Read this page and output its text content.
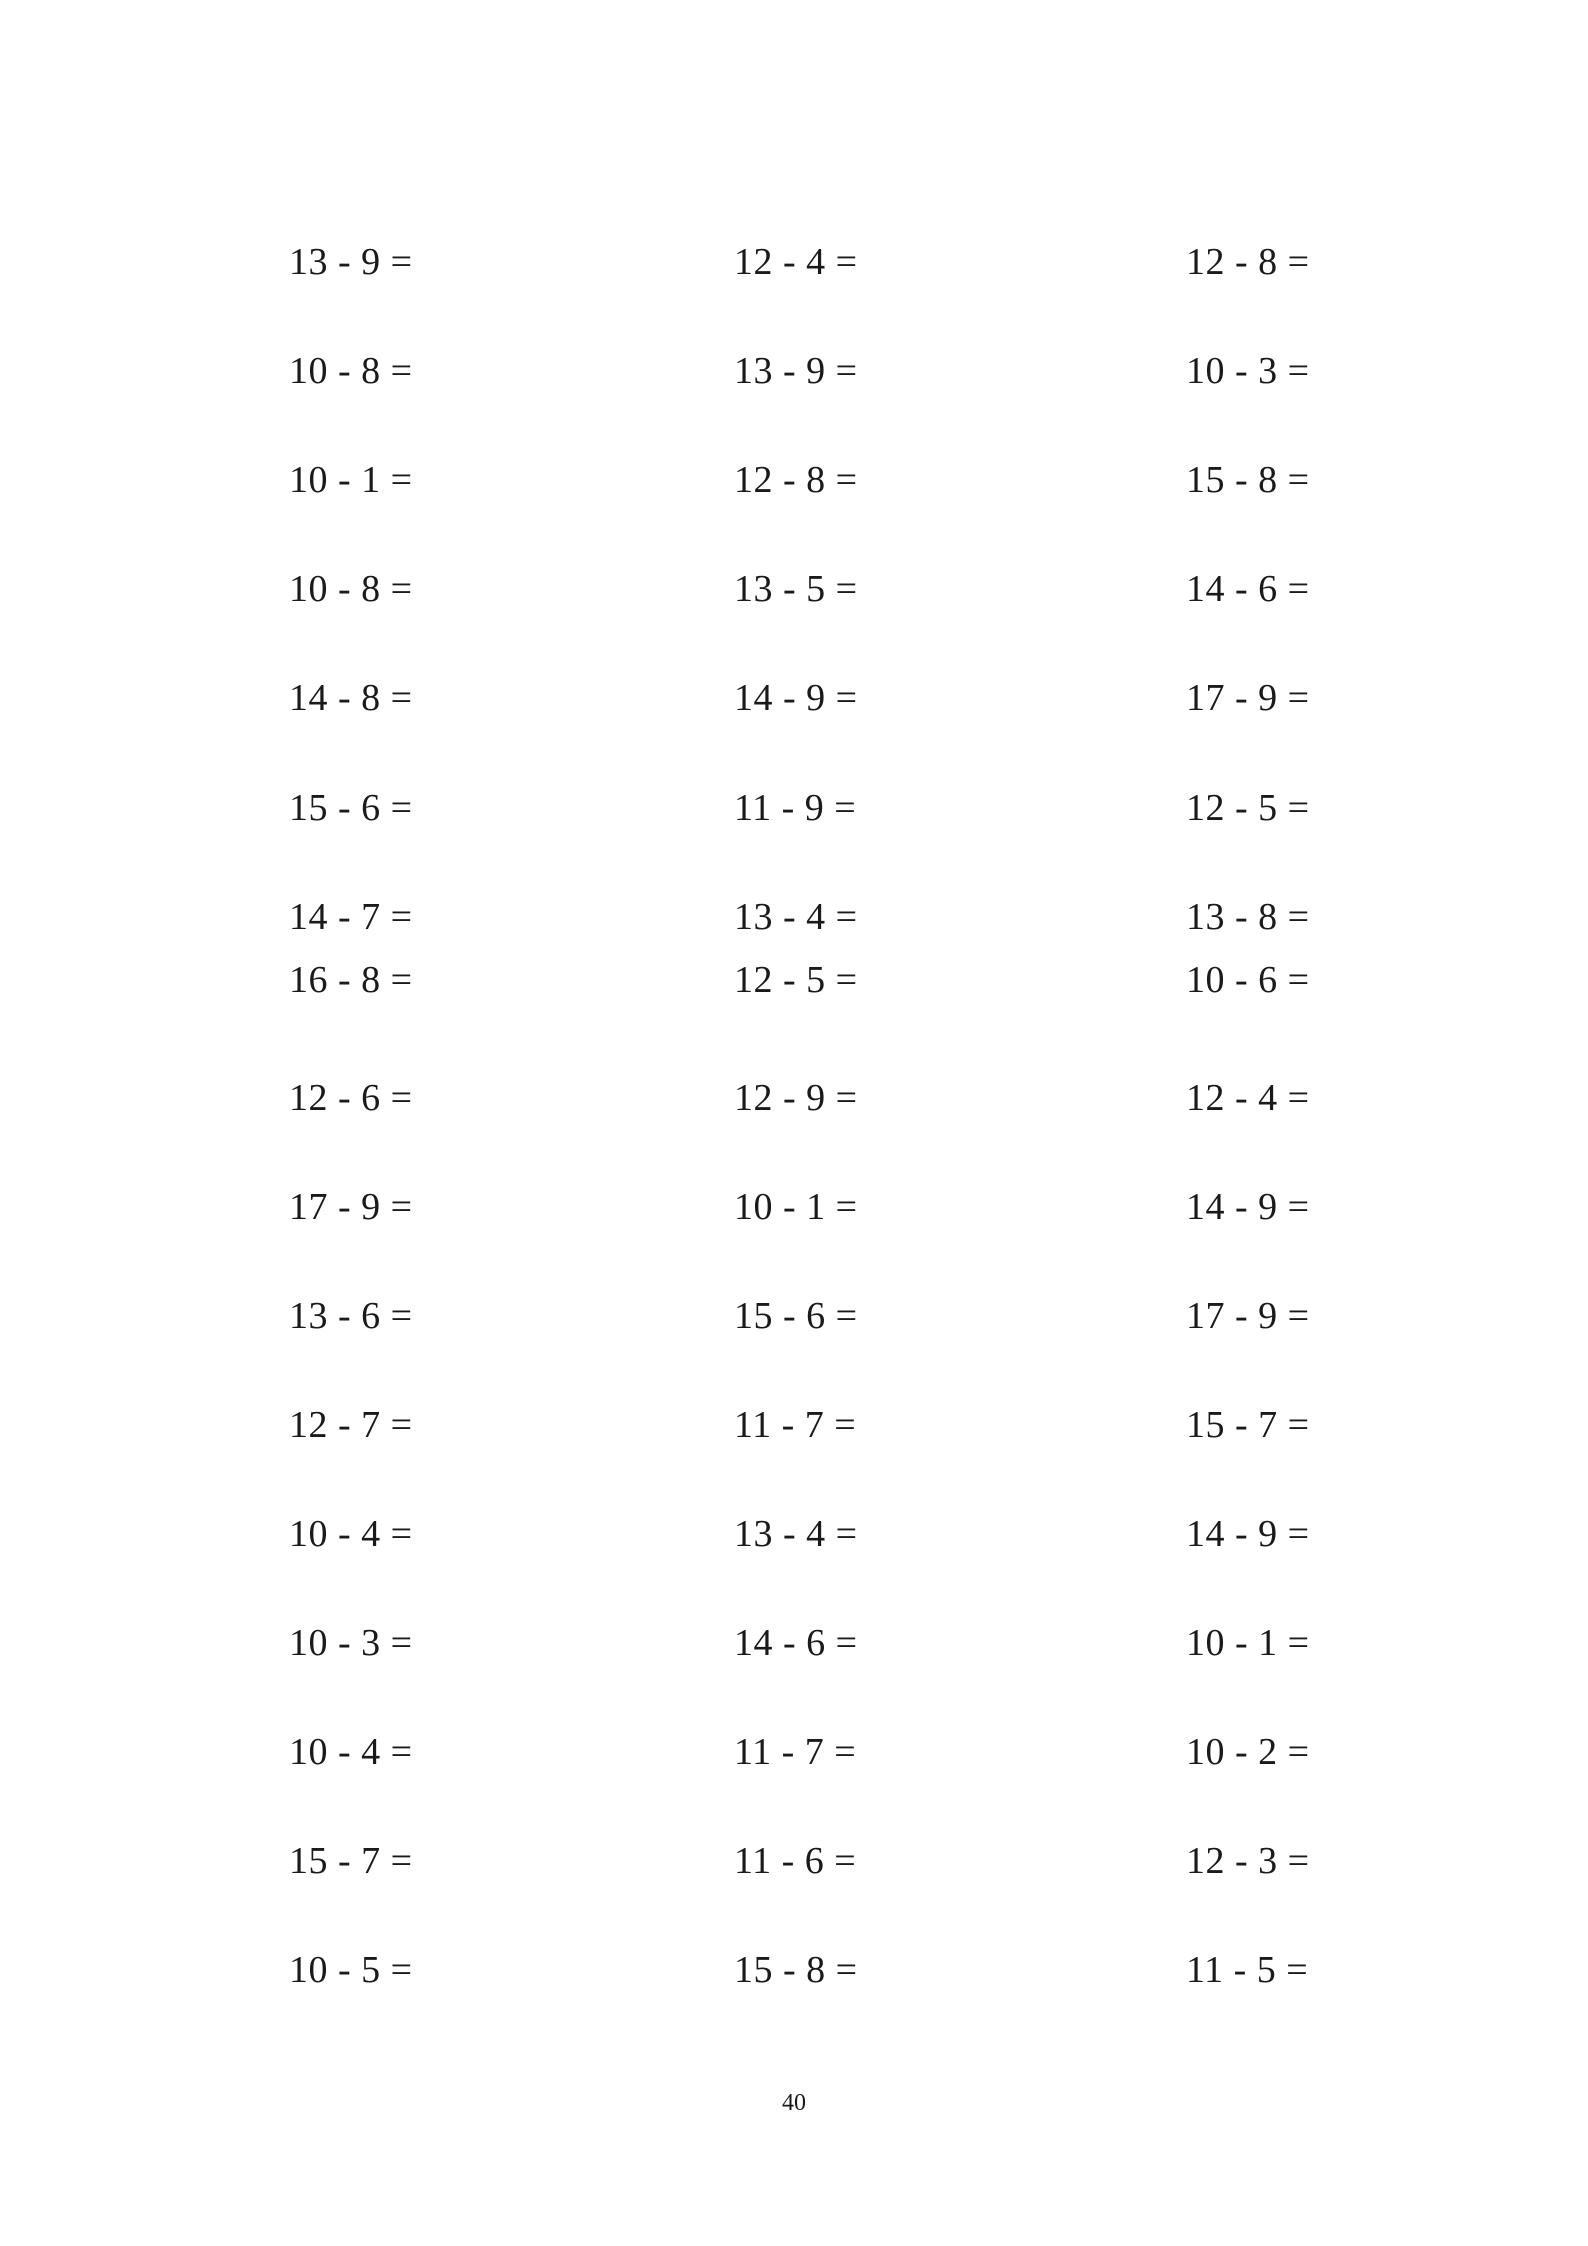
13 - 9 =	12 - 4 =	12 - 8 =
10 - 8 =	13 - 9 =	10 - 3 =
10 - 1 =	12 - 8 =	15 - 8 =
10 - 8 =	13 - 5 =	14 - 6 =
14 - 8 =	14 - 9 =	17 - 9 =
15 - 6 =	11 - 9 =	12 - 5 =
14 - 7 =	13 - 4 =	13 - 8 =
16 - 8 =	12 - 5 =	10 - 6 =
12 - 6 =	12 - 9 =	12 - 4 =
17 - 9 =	10 - 1 =	14 - 9 =
13 - 6 =	15 - 6 =	17 - 9 =
12 - 7 =	11 - 7 =	15 - 7 =
10 - 4 =	13 - 4 =	14 - 9 =
10 - 3 =	14 - 6 =	10 - 1 =
10 - 4 =	11 - 7 =	10 - 2 =
15 - 7 =	11 - 6 =	12 - 3 =
10 - 5 =	15 - 8 =	11 - 5 =
40
